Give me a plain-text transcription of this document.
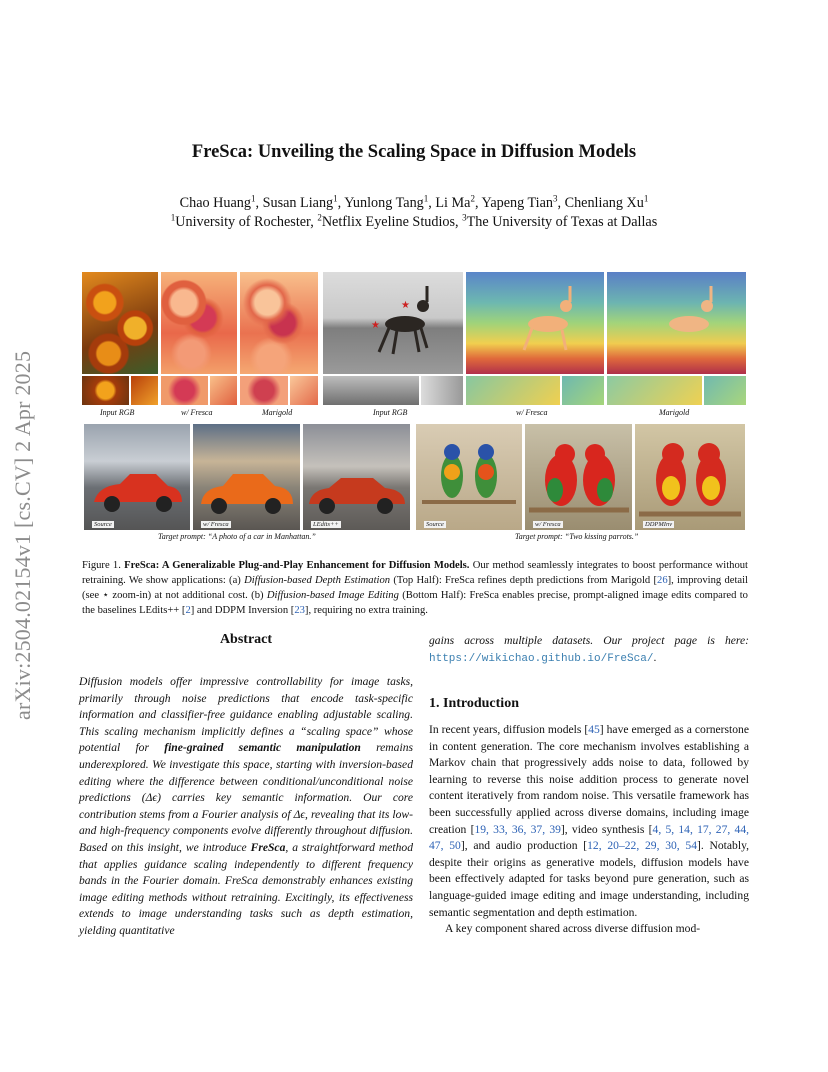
FreSca: Unveiling the Scaling Space in Diffusion Models
Chao Huang$^1$, Susan Liang$^1$, Yunlong Tang$^1$, Li Ma$^2$, Yapeng Tian$^3$, Chenliang Xu$^1$
$^1$University of Rochester, $^2$Netflix Eyeline Studios, $^3$The University of Texas at Dallas
arXiv:2504.02154v1 [cs.CV] 2 Apr 2025
★
★
Input RGB	w/ Fresca	Marigold	Input RGB	w/ Fresca	Marigold
Source	w/ Fresca	LEdits++	Source	w/ Fresca	DDPMInv
Target prompt: “A photo of a car in Manhattan.”	Target prompt: “Two kissing parrots.”
Figure 1. FreSca: A Generalizable Plug-and-Play Enhancement for Diffusion Models. Our method seamlessly integrates to boost performance without retraining. We show applications: (a) Diffusion-based Depth Estimation (Top Half): FreSca refines depth predictions from Marigold [26], improving detail (see ⋆ zoom-in) at not additional cost. (b) Diffusion-based Image Editing (Bottom Half): FreSca enables precise, prompt-aligned image edits compared to the baselines LEdits++ [2] and DDPM Inversion [23], requiring no extra training.
Abstract
Diffusion models offer impressive controllability for image tasks, primarily through noise predictions that encode task-specific information and classifier-free guidance enabling adjustable scaling. This scaling mechanism implicitly defines a “scaling space” whose potential for fine-grained semantic manipulation remains underexplored. We investigate this space, starting with inversion-based editing where the difference between conditional/unconditional noise predictions (Δϵ) carries key semantic information. Our core contribution stems from a Fourier analysis of Δϵ, revealing that its low- and high-frequency components evolve differently throughout diffusion. Based on this insight, we introduce FreSca, a straightforward method that applies guidance scaling independently to different frequency bands in the Fourier domain. FreSca demonstrably enhances existing image editing methods without retraining. Excitingly, its effectiveness extends to image understanding tasks such as depth estimation, yielding quantitative
gains across multiple datasets. Our project page is here: https://wikichao.github.io/FreSca/.
1. Introduction
In recent years, diffusion models [45] have emerged as a cornerstone in content generation. The core mechanism involves establishing a Markov chain that progressively adds noise to data, followed by learning to reverse this noise addition process to generate novel content iteratively from random noise. This versatile framework has been successfully applied across diverse domains, including image creation [19, 33, 36, 37, 39], video synthesis [4, 5, 14, 17, 27, 44, 47, 50], and audio production [12, 20–22, 29, 30, 54]. Notably, despite their origins as generative models, diffusion models have been effectively adapted for tasks beyond pure generation, such as language-guided image editing and image understanding, including semantic segmentation and depth estimation.
A key component shared across diverse diffusion mod-
